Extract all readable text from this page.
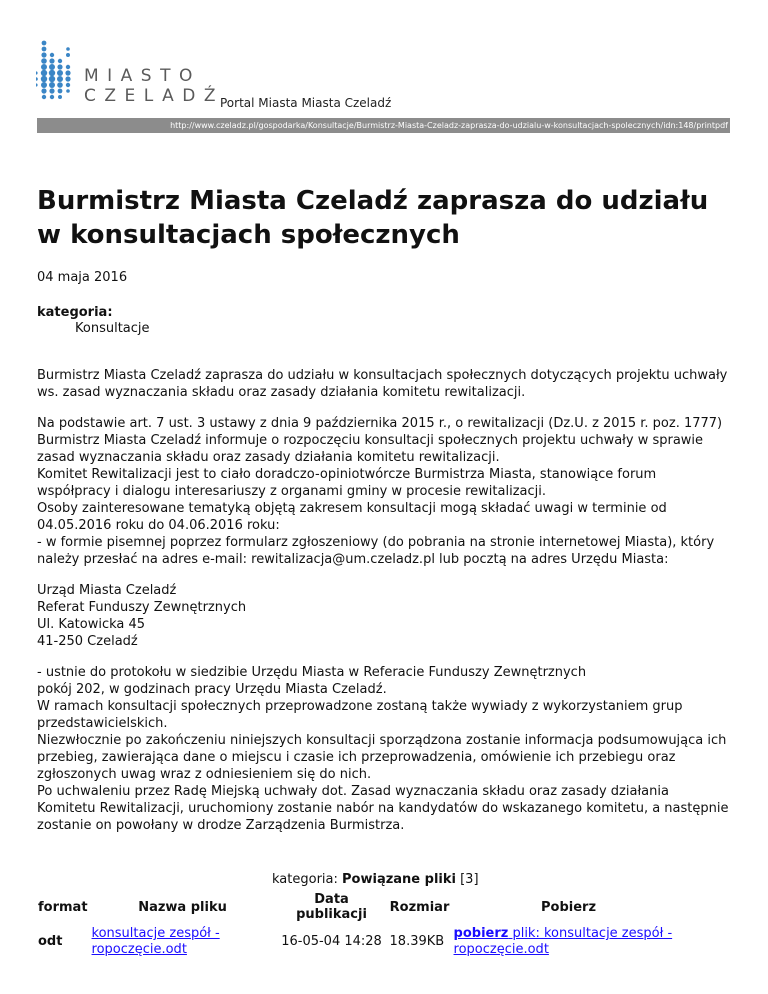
MIASTO
CZELADŹ
Portal Miasta Miasta Czeladź
http://www.czeladz.pl/gospodarka/Konsultacje/Burmistrz-Miasta-Czeladz-zaprasza-do-udzialu-w-konsultacjach-spolecznych/idn:148/printpdf
Burmistrz Miasta Czeladź zaprasza do udziału w konsultacjach społecznych
04 maja 2016
kategoria:
Konsultacje

Burmistrz Miasta Czeladź zaprasza do udziału w konsultacjach społecznych dotyczących projektu uchwały ws. zasad wyznaczania składu oraz zasady działania komitetu rewitalizacji.

Na podstawie art. 7 ust. 3 ustawy z dnia 9 października 2015 r., o rewitalizacji (Dz.U. z 2015 r. poz. 1777) Burmistrz Miasta Czeladź informuje o rozpoczęciu konsultacji społecznych projektu uchwały w sprawie zasad wyznaczania składu oraz zasady działania komitetu rewitalizacji.
Komitet Rewitalizacji jest to ciało doradczo-opiniotwórcze Burmistrza Miasta, stanowiące forum współpracy i dialogu interesariuszy z organami gminy w procesie rewitalizacji.
Osoby zainteresowane tematyką objętą zakresem konsultacji mogą składać uwagi w terminie od 04.05.2016 roku do 04.06.2016 roku:
- w formie pisemnej poprzez formularz zgłoszeniowy (do pobrania na stronie internetowej Miasta), który należy przesłać na adres e-mail: rewitalizacja@um.czeladz.pl lub pocztą na adres Urzędu Miasta:
Urząd Miasta Czeladź
Referat Funduszy Zewnętrznych
Ul. Katowicka 45
41-250 Czeladź
- ustnie do protokołu w siedzibie Urzędu Miasta w Referacie Funduszy Zewnętrznych
pokój 202, w godzinach pracy Urzędu Miasta Czeladź.
W ramach konsultacji społecznych przeprowadzone zostaną także wywiady z wykorzystaniem grup przedstawicielskich.
Niezwłocznie po zakończeniu niniejszych konsultacji sporządzona zostanie informacja podsumowująca ich przebieg, zawierająca dane o miejscu i czasie ich przeprowadzenia, omówienie ich przebiegu oraz zgłoszonych uwag wraz z odniesieniem się do nich.
Po uchwaleniu przez Radę Miejską uchwały dot. Zasad wyznaczania składu oraz zasady działania Komitetu Rewitalizacji, uruchomiony zostanie nabór na kandydatów do wskazanego komitetu, a następnie zostanie on powołany w drodze Zarządzenia Burmistrza.
kategoria: Powiązane pliki [3]
format	Nazwa pliku	Data publikacji	Rozmiar	Pobierz
odt	konsultacje zespół - ropoczęcie.odt	16-05-04 14:28	18.39KB	pobierz plik: konsultacje zespół - ropoczęcie.odt
